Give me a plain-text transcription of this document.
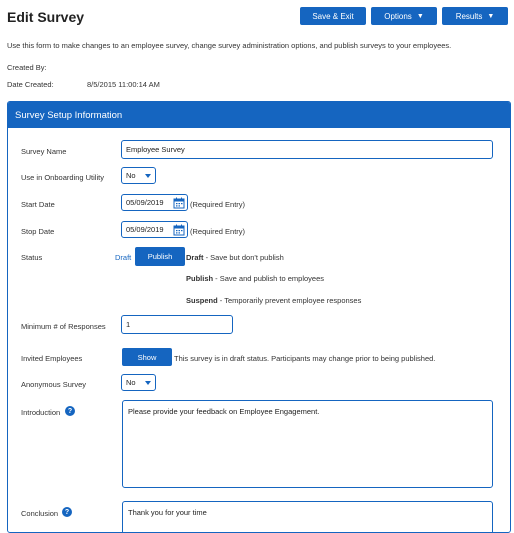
Edit Survey	Save & Exit	Options ▼	Results ▼
Use this form to make changes to an employee survey, change survey administration options, and publish surveys to your employees.
Created By:
Date Created:	8/5/2015 11:00:14 AM
Survey Setup Information
Survey Name	Employee Survey
Use in Onboarding Utility	No
Start Date	05/09/2019	(Required Entry)
Stop Date	05/09/2019	(Required Entry)
Status	Draft Publish Draft - Save but don't publish
Publish - Save and publish to employees
Suspend - Temporarily prevent employee responses
Minimum # of Responses	1
Invited Employees	Show This survey is in draft status. Participants may change prior to being published.
Anonymous Survey	No
Introduction	?	Please provide your feedback on Employee Engagement.
Conclusion ?	Thank you for your time
